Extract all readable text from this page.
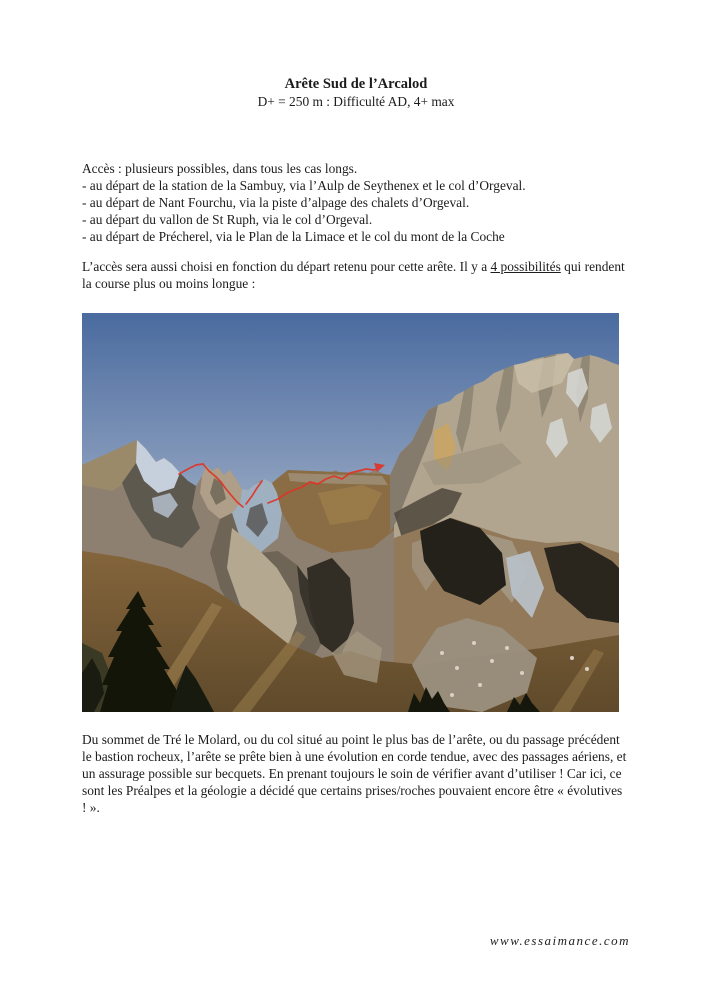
Arête Sud de l’Arcalod
D+ = 250 m : Difficulté AD, 4+ max
Accès : plusieurs possibles, dans tous les cas longs.
- au départ de la station de la Sambuy, via l’Aulp de Seythenex et le col d’Orgeval.
- au départ de Nant Fourchu, via la piste d’alpage des chalets d’Orgeval.
- au départ du vallon de St Ruph, via le col d’Orgeval.
- au départ de Précherel, via le Plan de la Limace et le col du mont de la Coche

L’accès sera aussi choisi en fonction du départ retenu pour cette arête. Il y a 4 possibilités qui rendent la course plus ou moins longue :

Du sommet de Tré le Molard, ou du col situé au point le plus bas de l’arête, ou du passage précédent le bastion rocheux, l’arête se prête bien à une évolution en corde tendue, avec des passages aériens, et un assurage possible sur becquets. En prenant toujours le soin de vérifier avant d’utiliser ! Car ici, ce sont les Préalpes et la géologie a décidé que certains prises/roches pouvaient encore être « évolutives ! ».

www.essaimance.com
